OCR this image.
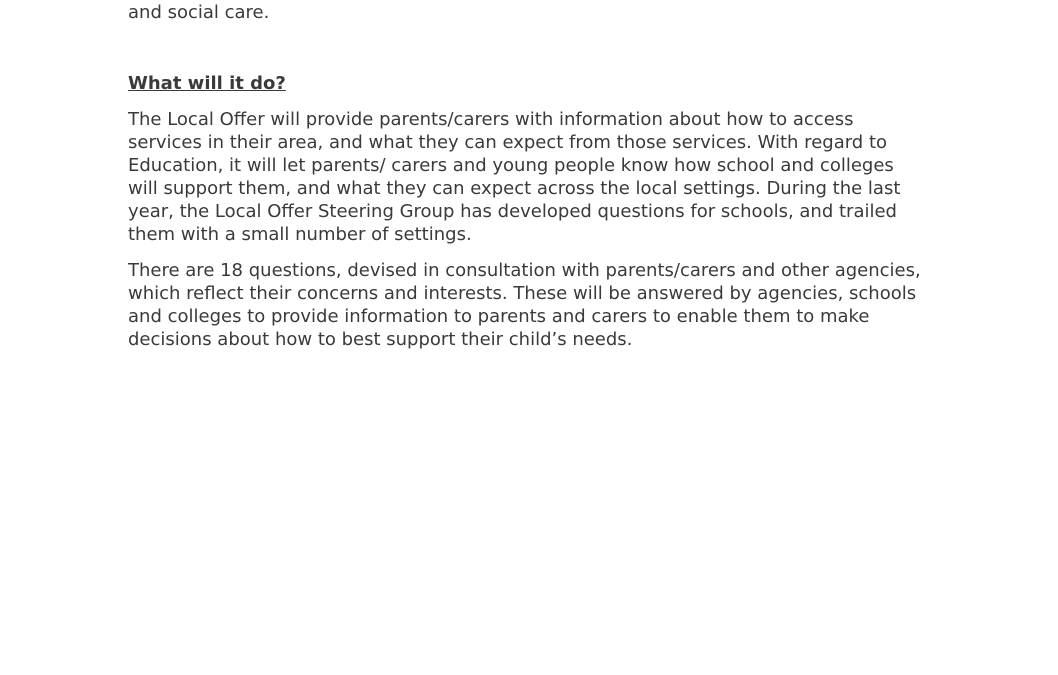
and social care.
What will it do?
The Local Offer will provide parents/carers with information about how to access
services in their area, and what they can expect from those services. With regard to
Education, it will let parents/ carers and young people know how school and colleges
will support them, and what they can expect across the local settings. During the last
year, the Local Offer Steering Group has developed questions for schools, and trailed
them with a small number of settings.
There are 18 questions, devised in consultation with parents/carers and other agencies,
which reflect their concerns and interests. These will be answered by agencies, schools
and colleges to provide information to parents and carers to enable them to make
decisions about how to best support their child’s needs.
